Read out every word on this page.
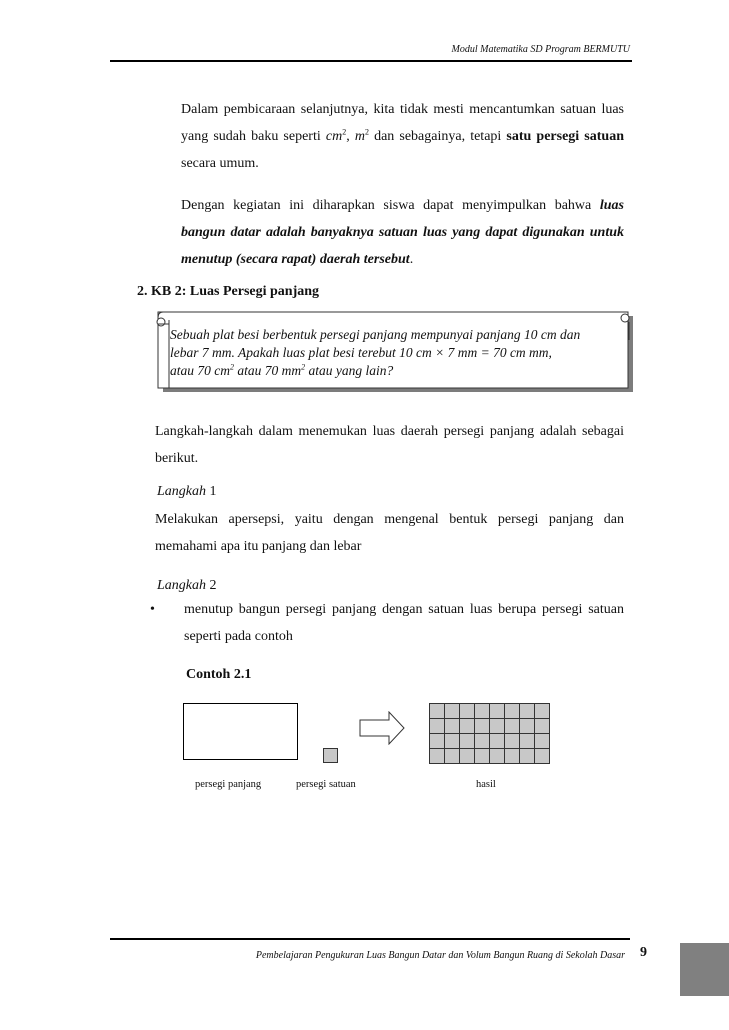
Modul Matematika SD Program BERMUTU
Dalam pembicaraan selanjutnya, kita tidak mesti mencantumkan satuan luas yang sudah baku seperti $cm^2$, $m^2$ dan sebagainya, tetapi satu persegi satuan secara umum.
Dengan kegiatan ini diharapkan siswa dapat menyimpulkan bahwa luas bangun datar adalah banyaknya satuan luas yang dapat digunakan untuk menutup (secara rapat) daerah tersebut.
2. KB 2: Luas Persegi panjang
Sebuah plat besi berbentuk persegi panjang mempunyai panjang 10 cm dan
lebar 7 mm. Apakah luas plat besi terebut 10 cm × 7 mm = 70 cm mm,
atau 70 $cm^2$ atau 70 $mm^2$ atau yang lain?
Langkah-langkah dalam menemukan luas daerah persegi panjang adalah sebagai berikut.
Langkah 1
Melakukan apersepsi, yaitu dengan mengenal bentuk persegi panjang dan memahami apa itu panjang dan lebar
Langkah 2
• menutup bangun persegi panjang dengan satuan luas berupa persegi satuan seperti pada contoh
Contoh 2.1
persegi panjang	persegi satuan	hasil
Pembelajaran Pengukuran Luas Bangun Datar dan Volum Bangun Ruang di Sekolah Dasar 9
